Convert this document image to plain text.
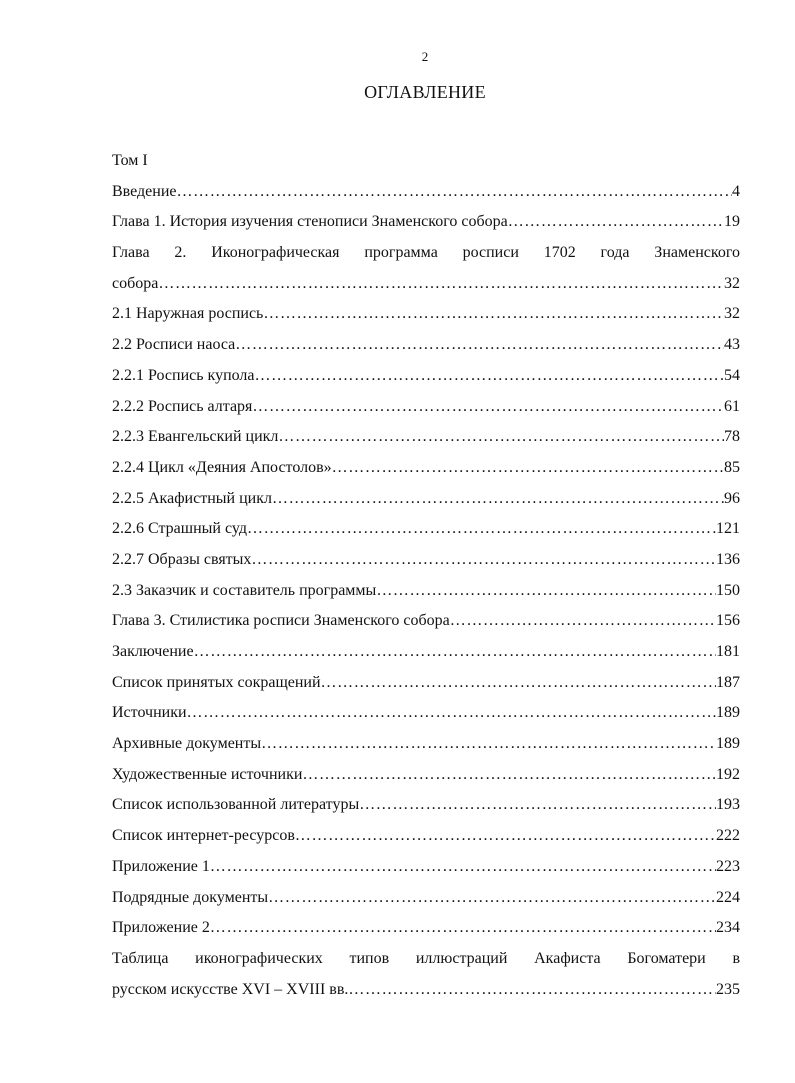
2
ОГЛАВЛЕНИЕ
Том I
Введение ……………………………………………………………………………………………………………………………………………………	4
Глава 1. История изучения стенописи Знаменского собора ……………………………………………………………………………………………………………………………………………………	19
Глава 2. Иконографическая программа росписи 1702 года Знаменского
собора ……………………………………………………………………………………………………………………………………………………	32
2.1 Наружная роспись ……………………………………………………………………………………………………………………………………………………	32
2.2 Росписи наоса ……………………………………………………………………………………………………………………………………………………	43
2.2.1 Роспись купола ……………………………………………………………………………………………………………………………………………………	54
2.2.2 Роспись алтаря ……………………………………………………………………………………………………………………………………………………	61
2.2.3 Евангельский цикл ……………………………………………………………………………………………………………………………………………………	78
2.2.4 Цикл «Деяния Апостолов» ……………………………………………………………………………………………………………………………………………………	85
2.2.5 Акафистный цикл ……………………………………………………………………………………………………………………………………………………	96
2.2.6 Страшный суд ……………………………………………………………………………………………………………………………………………………	121
2.2.7 Образы святых ……………………………………………………………………………………………………………………………………………………	136
2.3 Заказчик и составитель программы ……………………………………………………………………………………………………………………………………………………	150
Глава 3. Стилистика росписи Знаменского собора ……………………………………………………………………………………………………………………………………………………	156
Заключение ……………………………………………………………………………………………………………………………………………………	181
Список принятых сокращений ……………………………………………………………………………………………………………………………………………………	187
Источники ……………………………………………………………………………………………………………………………………………………	189
Архивные документы ……………………………………………………………………………………………………………………………………………………	189
Художественные источники ……………………………………………………………………………………………………………………………………………………	192
Список использованной литературы ……………………………………………………………………………………………………………………………………………………	193
Список интернет-ресурсов ……………………………………………………………………………………………………………………………………………………	222
Приложение 1 ……………………………………………………………………………………………………………………………………………………	223
Подрядные документы ……………………………………………………………………………………………………………………………………………………	224
Приложение 2 ……………………………………………………………………………………………………………………………………………………	234
Таблица иконографических типов иллюстраций Акафиста Богоматери в
русском искусстве XVI – XVIII вв. ……………………………………………………………………………………………………………………………………………………	235
